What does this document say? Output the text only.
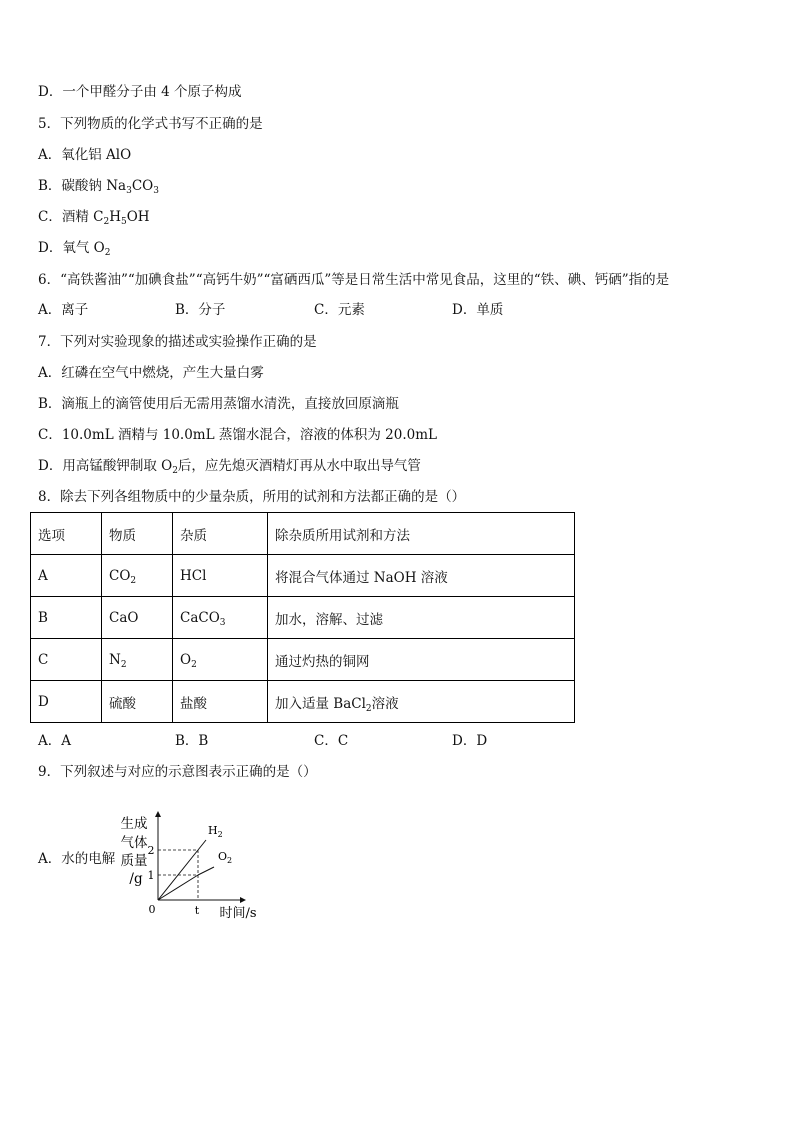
D．一个甲醛分子由 4 个原子构成
5．下列物质的化学式书写不正确的是
A．氧化铝 AlO
B．碳酸钠 $Na_3CO_3$
C．酒精 $C_2H_5OH$
D．氧气 $O_2$
6．“高铁酱油”“加碘食盐”“高钙牛奶”“富硒西瓜”等是日常生活中常见食品，这里的“铁、碘、钙硒”指的是
A．离子	B．分子	C．元素	D．单质
7．下列对实验现象的描述或实验操作正确的是
A．红磷在空气中燃烧，产生大量白雾
B．滴瓶上的滴管使用后无需用蒸馏水清洗，直接放回原滴瓶
C．10.0mL 酒精与 10.0mL 蒸馏水混合，溶液的体积为 20.0mL
D．用高锰酸钾制取 $O_2$后，应先熄灭酒精灯再从水中取出导气管
8．除去下列各组物质中的少量杂质，所用的试剂和方法都正确的是（）
选项	物质	杂质	除杂质所用试剂和方法
A	$CO_2$	HCl	将混合气体通过 NaOH 溶液
B	CaO	CaCO$_3$	加水，溶解、过滤
C	$N_2$	$O_2$	通过灼热的铜网
D	硫酸	盐酸	加入适量 BaCl$_2$溶液
A．A	B．B	C．C	D．D
9．下列叙述与对应的示意图表示正确的是（）
A．水的电解
生成
气体
质量
/g
$H_2$
$O_2$
2
1
0	t 时间/s
